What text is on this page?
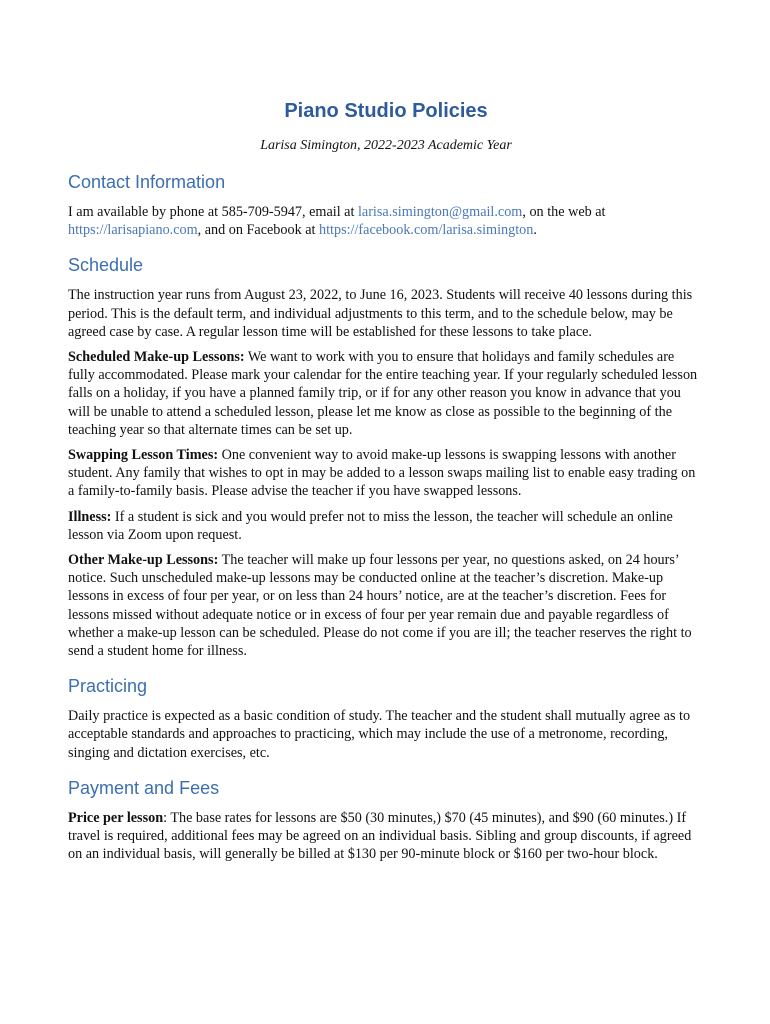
Piano Studio Policies
Larisa Simington, 2022-2023 Academic Year
Contact Information

I am available by phone at 585-709-5947, email at larisa.simington@gmail.com, on the web at https://larisapiano.com, and on Facebook at https://facebook.com/larisa.simington.

Schedule

The instruction year runs from August 23, 2022, to June 16, 2023. Students will receive 40 lessons during this period. This is the default term, and individual adjustments to this term, and to the schedule below, may be agreed case by case. A regular lesson time will be established for these lessons to take place.

Scheduled Make-up Lessons: We want to work with you to ensure that holidays and family schedules are fully accommodated. Please mark your calendar for the entire teaching year. If your regularly scheduled lesson falls on a holiday, if you have a planned family trip, or if for any other reason you know in advance that you will be unable to attend a scheduled lesson, please let me know as close as possible to the beginning of the teaching year so that alternate times can be set up.

Swapping Lesson Times: One convenient way to avoid make-up lessons is swapping lessons with another student. Any family that wishes to opt in may be added to a lesson swaps mailing list to enable easy trading on a family-to-family basis. Please advise the teacher if you have swapped lessons.

Illness: If a student is sick and you would prefer not to miss the lesson, the teacher will schedule an online lesson via Zoom upon request.

Other Make-up Lessons: The teacher will make up four lessons per year, no questions asked, on 24 hours’ notice. Such unscheduled make-up lessons may be conducted online at the teacher’s discretion. Make-up lessons in excess of four per year, or on less than 24 hours’ notice, are at the teacher’s discretion. Fees for lessons missed without adequate notice or in excess of four per year remain due and payable regardless of whether a make-up lesson can be scheduled. Please do not come if you are ill; the teacher reserves the right to send a student home for illness.

Practicing

Daily practice is expected as a basic condition of study. The teacher and the student shall mutually agree as to acceptable standards and approaches to practicing, which may include the use of a metronome, recording, singing and dictation exercises, etc.

Payment and Fees

Price per lesson: The base rates for lessons are $50 (30 minutes,) $70 (45 minutes), and $90 (60 minutes.) If travel is required, additional fees may be agreed on an individual basis. Sibling and group discounts, if agreed on an individual basis, will generally be billed at $130 per 90-minute block or $160 per two-hour block.
